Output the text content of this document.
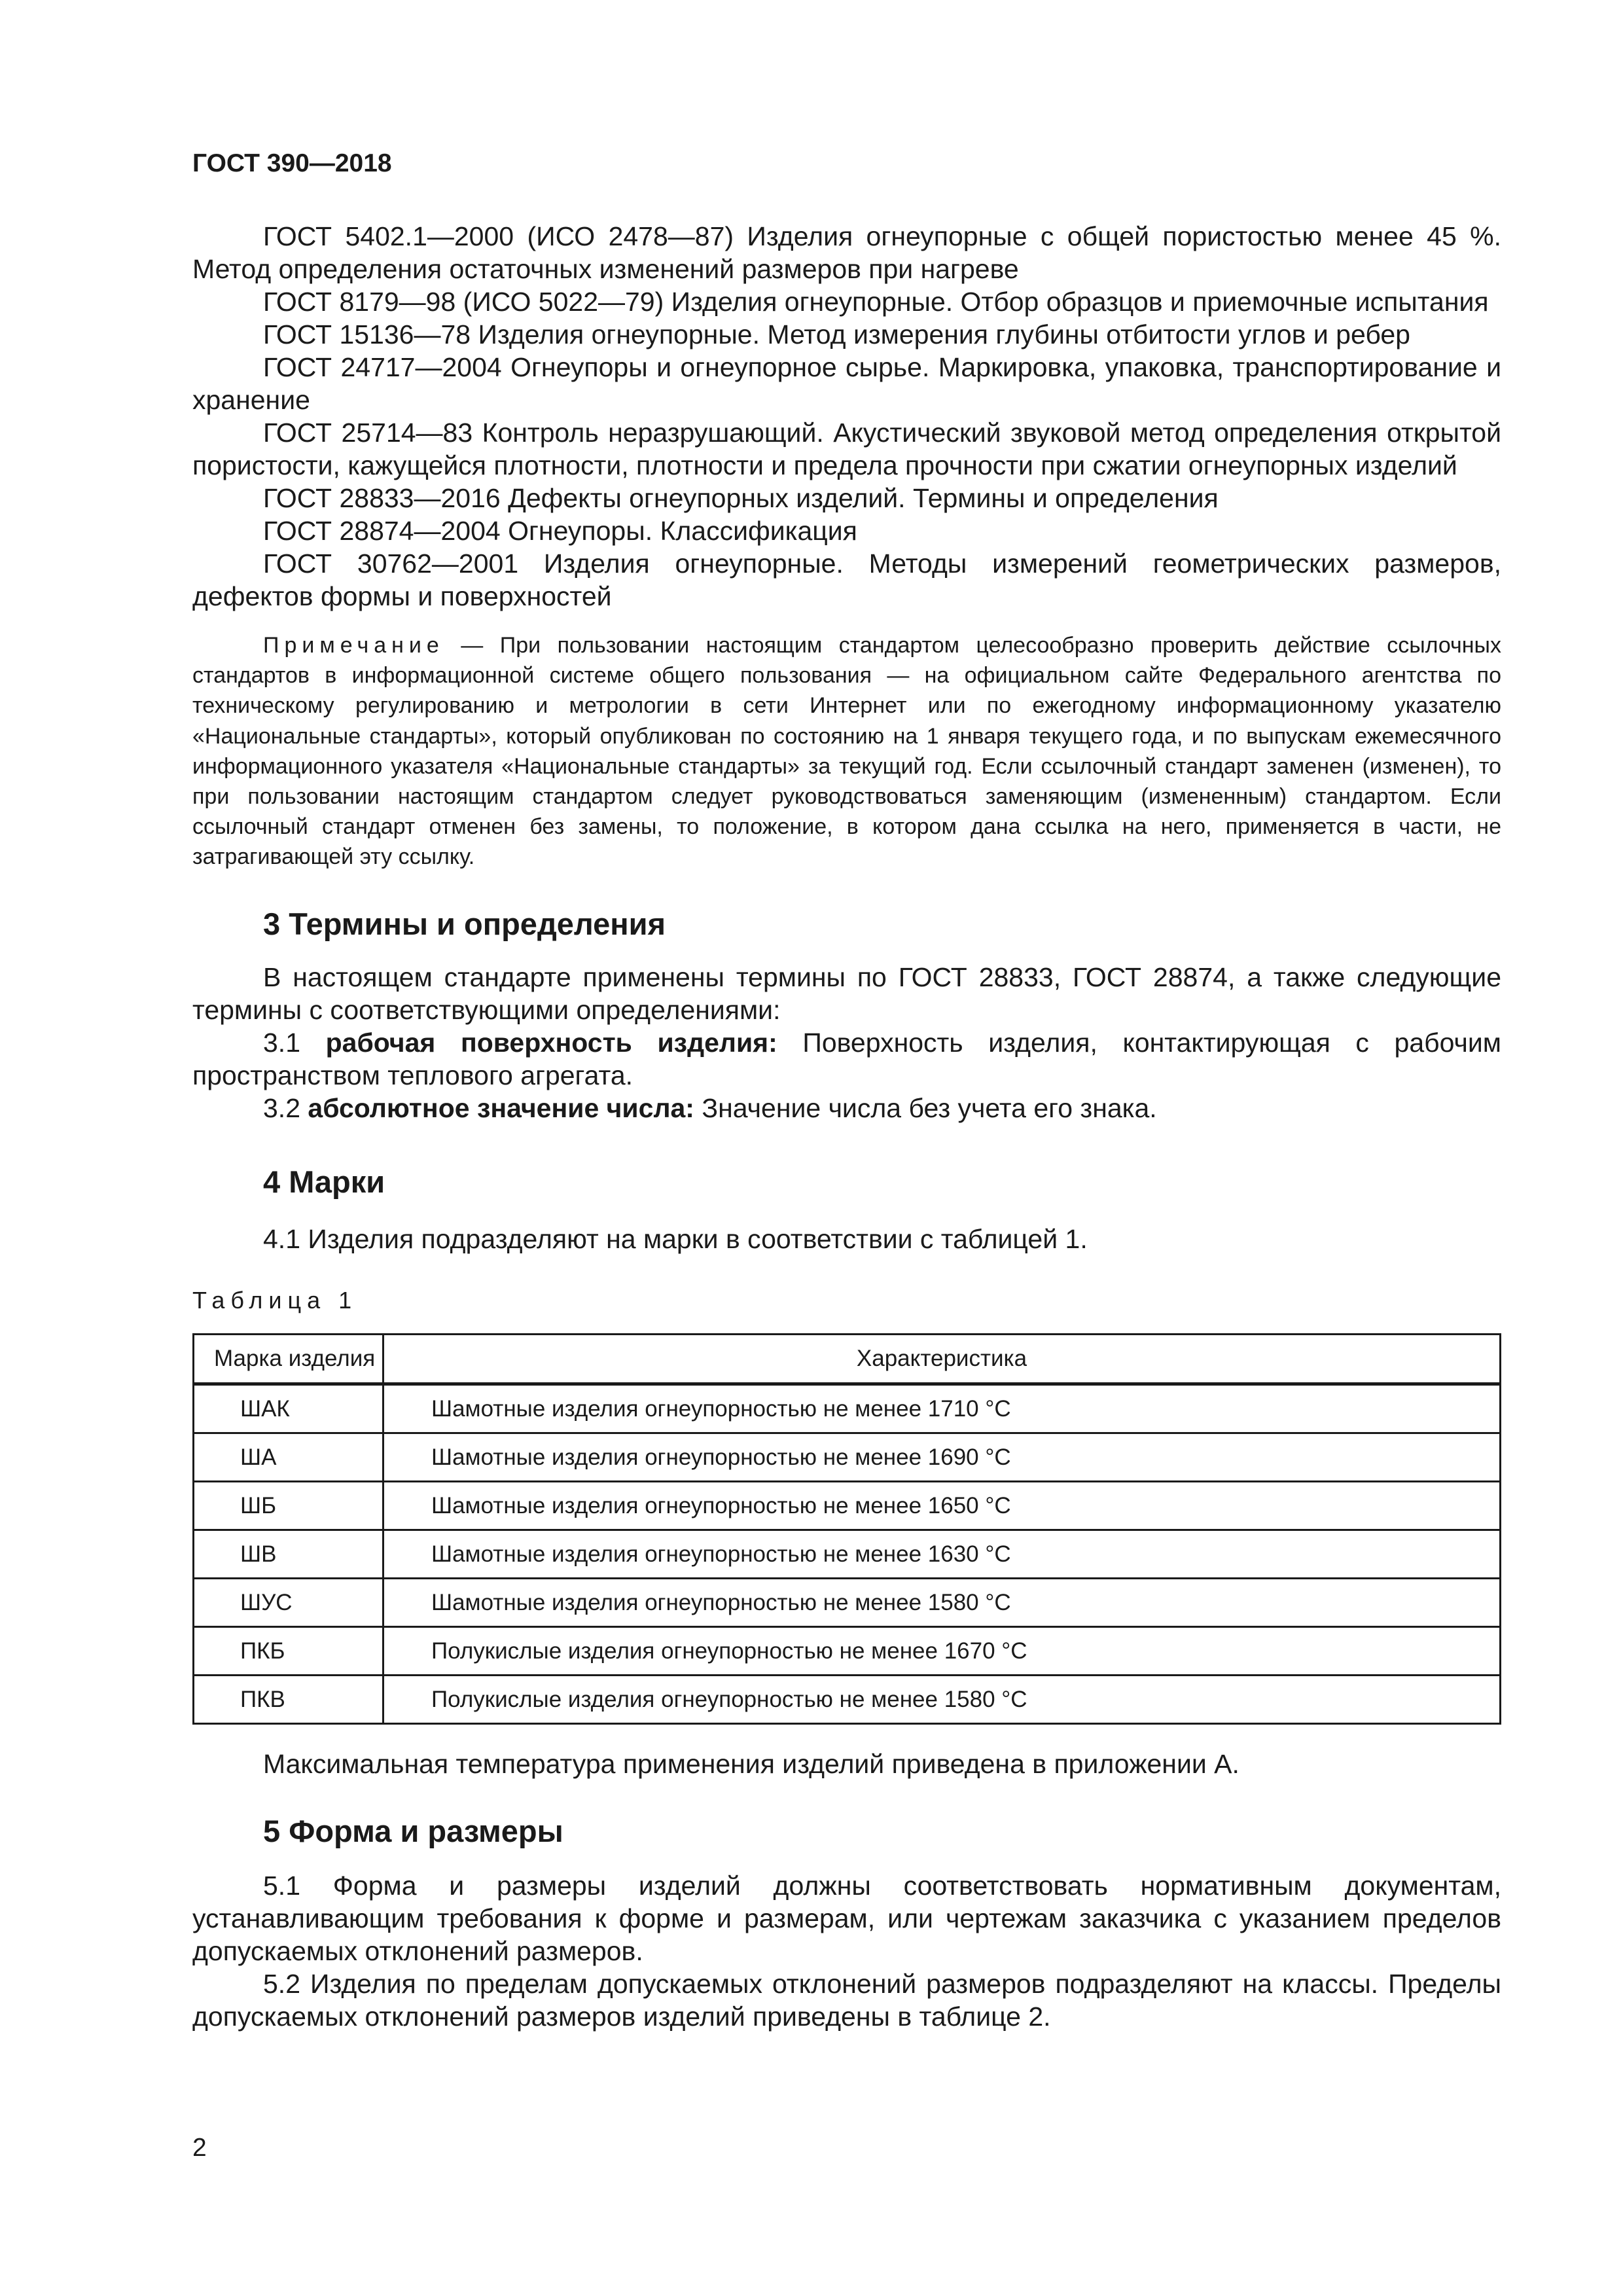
ГОСТ 390—2018

ГОСТ 5402.1—2000 (ИСО 2478—87) Изделия огнеупорные с общей пористостью менее 45 %. Метод определения остаточных изменений размеров при нагреве

ГОСТ 8179—98 (ИСО 5022—79) Изделия огнеупорные. Отбор образцов и приемочные испытания

ГОСТ 15136—78 Изделия огнеупорные. Метод измерения глубины отбитости углов и ребер

ГОСТ 24717—2004 Огнеупоры и огнеупорное сырье. Маркировка, упаковка, транспортирование и хранение

ГОСТ 25714—83 Контроль неразрушающий. Акустический звуковой метод определения открытой пористости, кажущейся плотности, плотности и предела прочности при сжатии огнеупорных изделий

ГОСТ 28833—2016 Дефекты огнеупорных изделий. Термины и определения

ГОСТ 28874—2004 Огнеупоры. Классификация

ГОСТ 30762—2001 Изделия огнеупорные. Методы измерений геометрических размеров, дефектов формы и поверхностей

Примечание — При пользовании настоящим стандартом целесообразно проверить действие ссылочных стандартов в информационной системе общего пользования — на официальном сайте Федерального агентства по техническому регулированию и метрологии в сети Интернет или по ежегодному информационному указателю «Национальные стандарты», который опубликован по состоянию на 1 января текущего года, и по выпускам ежемесячного информационного указателя «Национальные стандарты» за текущий год. Если ссылочный стандарт заменен (изменен), то при пользовании настоящим стандартом следует руководствоваться заменяющим (измененным) стандартом. Если ссылочный стандарт отменен без замены, то положение, в котором дана ссылка на него, применяется в части, не затрагивающей эту ссылку.

3 Термины и определения

В настоящем стандарте применены термины по ГОСТ 28833, ГОСТ 28874, а также следующие термины с соответствующими определениями:

3.1 рабочая поверхность изделия: Поверхность изделия, контактирующая с рабочим пространством теплового агрегата.

3.2 абсолютное значение числа: Значение числа без учета его знака.

4 Марки

4.1 Изделия подразделяют на марки в соответствии с таблицей 1.

Таблица 1
Марка изделия	Характеристика
ШАК	Шамотные изделия огнеупорностью не менее 1710 °С
ША	Шамотные изделия огнеупорностью не менее 1690 °С
ШБ	Шамотные изделия огнеупорностью не менее 1650 °С
ШВ	Шамотные изделия огнеупорностью не менее 1630 °С
ШУС	Шамотные изделия огнеупорностью не менее 1580 °С
ПКБ	Полукислые изделия огнеупорностью не менее 1670 °С
ПКВ	Полукислые изделия огнеупорностью не менее 1580 °С

Максимальная температура применения изделий приведена в приложении А.

5 Форма и размеры

5.1 Форма и размеры изделий должны соответствовать нормативным документам, устанавливающим требования к форме и размерам, или чертежам заказчика с указанием пределов допускаемых отклонений размеров.

5.2 Изделия по пределам допускаемых отклонений размеров подразделяют на классы. Пределы допускаемых отклонений размеров изделий приведены в таблице 2.

2
